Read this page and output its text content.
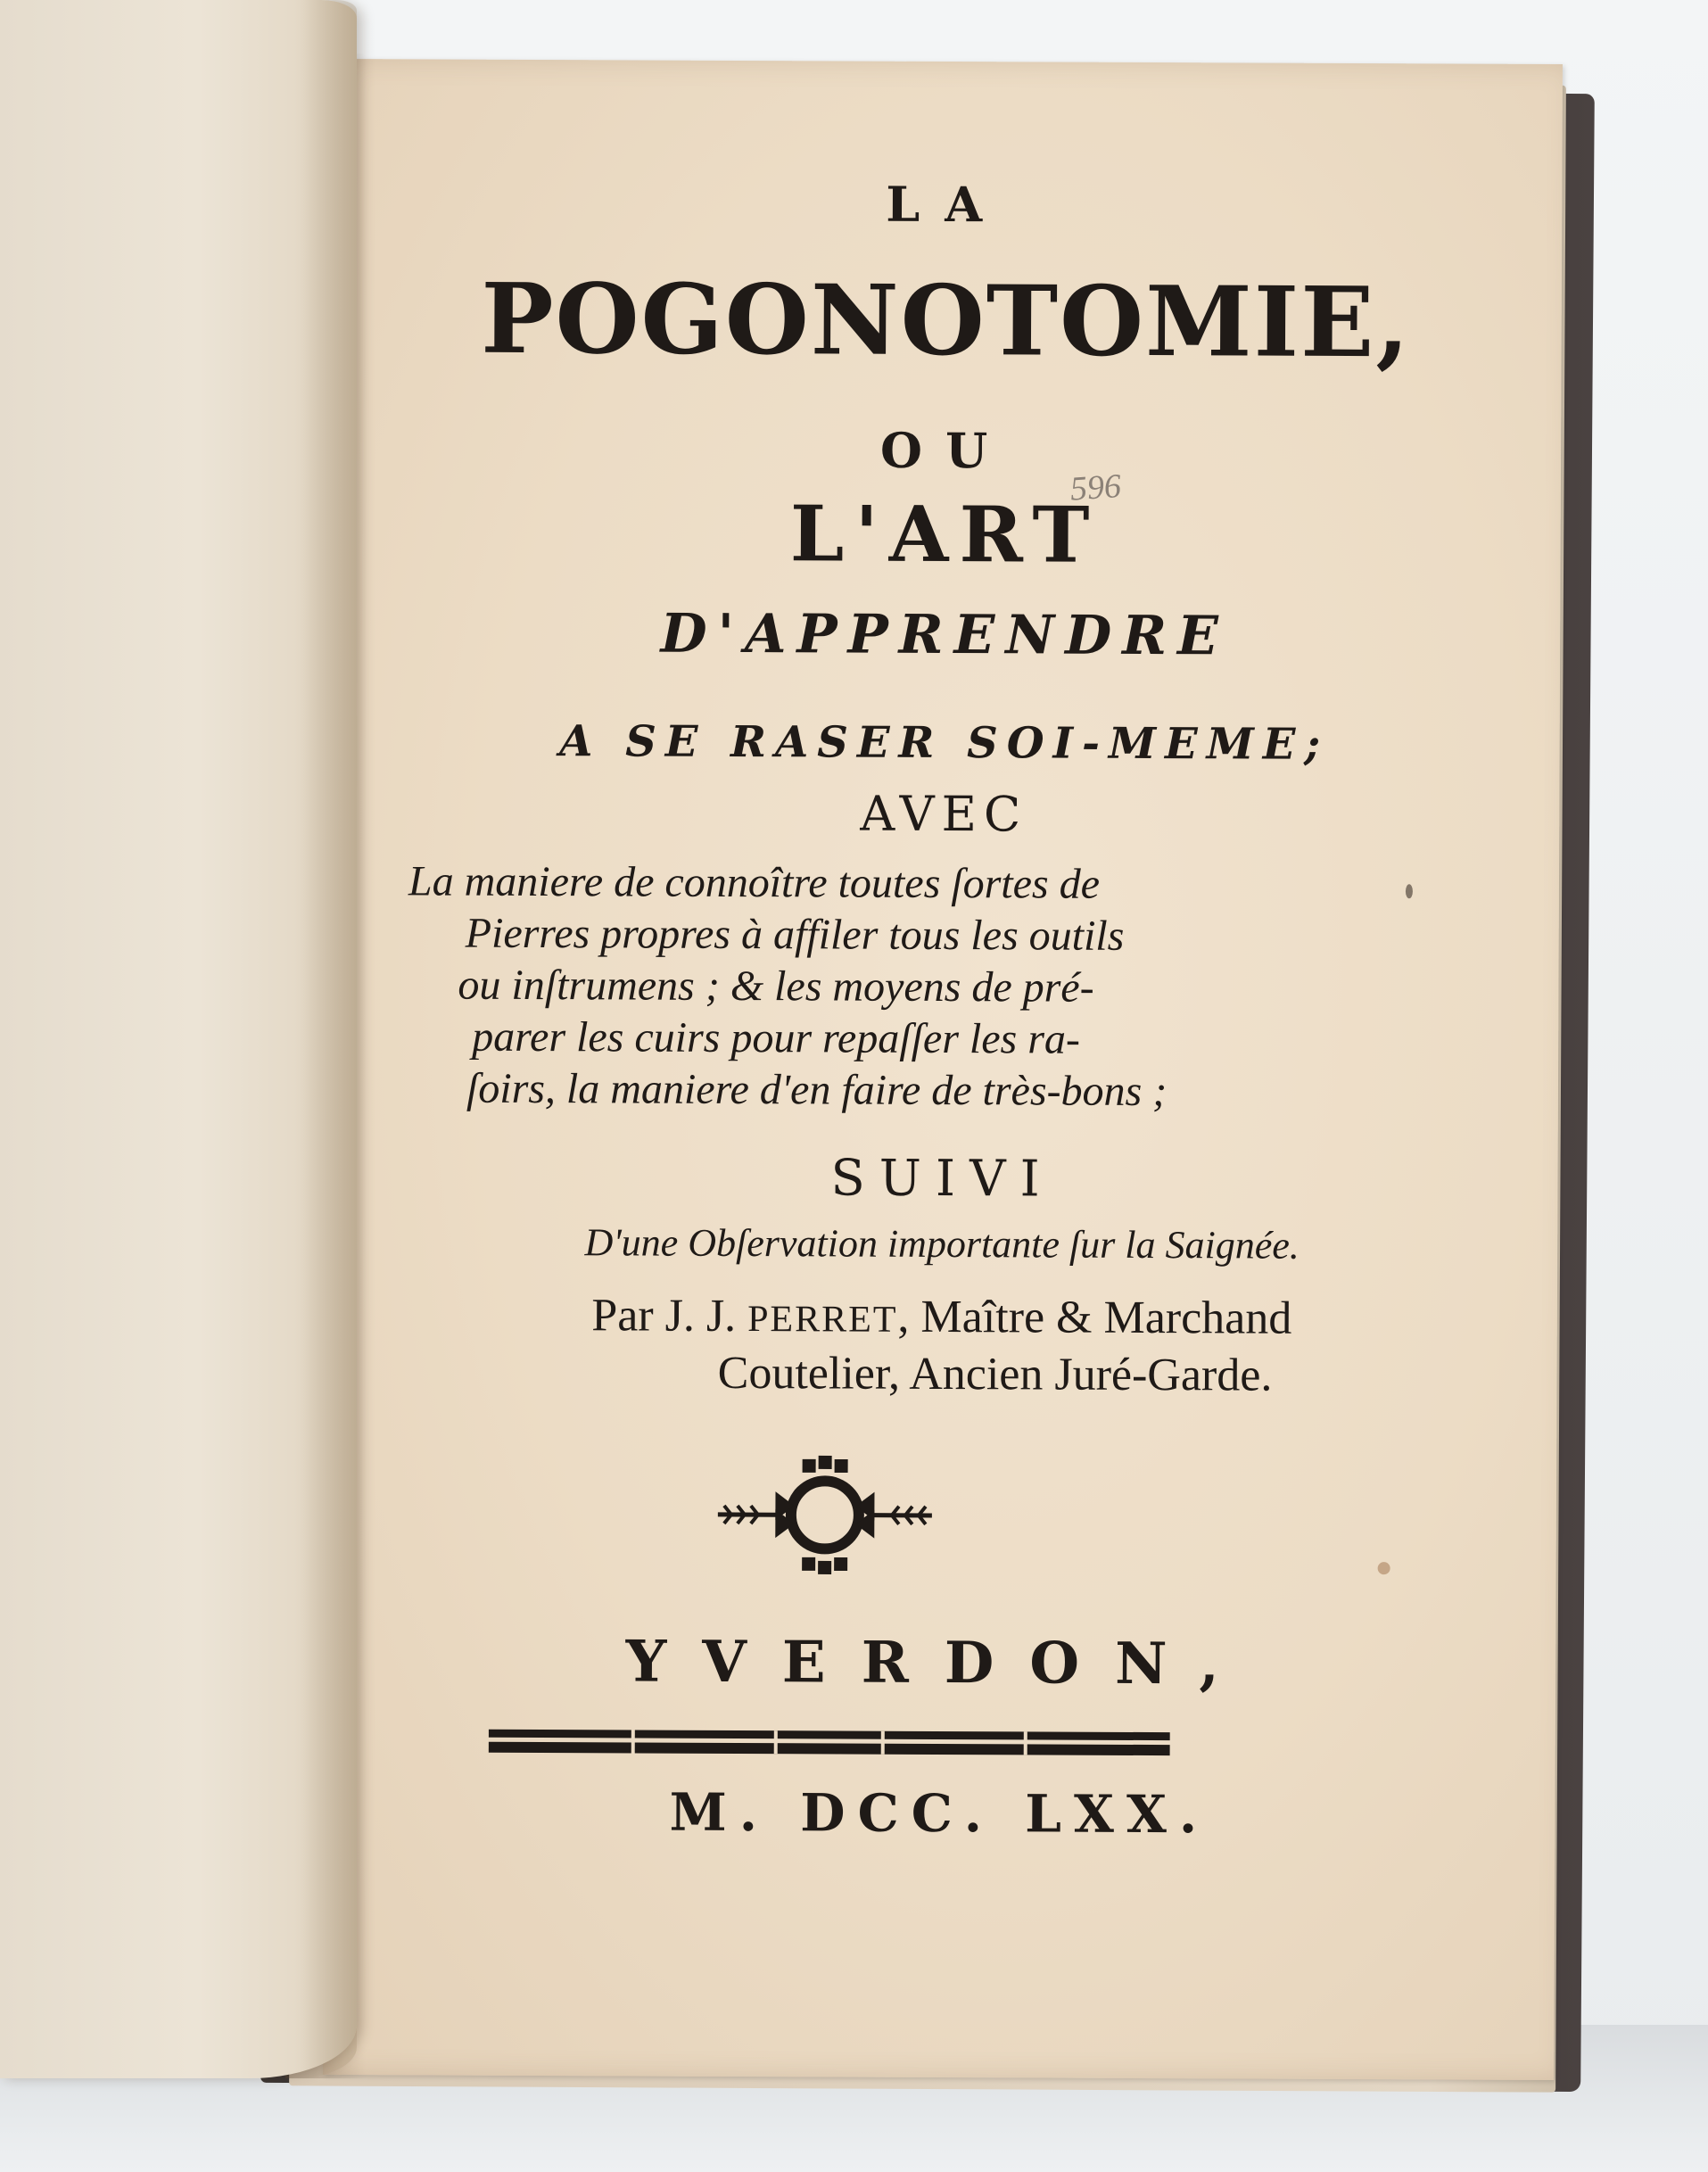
LA
POGONOTOMIE,
OU
L'ART
D'APPRENDRE
A SE RASER SOI-MEME;
AVEC
La maniere de connoître toutes ſortes de
Pierres propres à affiler tous les outils
ou inſtrumens ; & les moyens de pré-
parer les cuirs pour repaſſer les ra-
ſoirs, la maniere d'en faire de très-bons ;
SUIVI
D'une Obſervation importante ſur la Saignée.
Par J. J. PERRET, Maître & Marchand
Coutelier, Ancien Juré-Garde.
YVERDON,
M. DCC. LXX.
596
